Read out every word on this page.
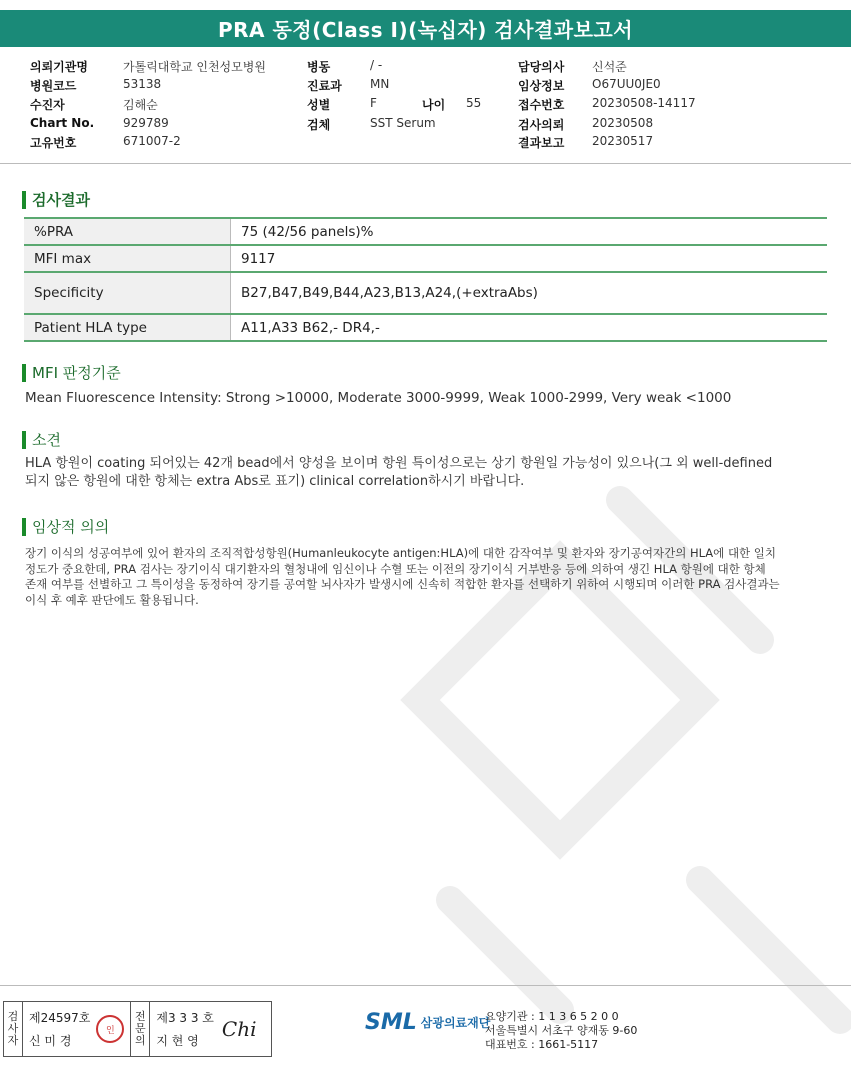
PRA 동정(Class I)(녹십자) 검사결과보고서
의뢰기관명	가톨릭대학교 인천성모병원
병원코드	53138
수진자	김해순
Chart No. 929789
고유번호	671007-2
병동	/ -
진료과 MN
성별	F	나이 55
검체	SST Serum
담당의사 신석준
임상정보 O67UU0JE0
접수번호 20230508-14117
검사의뢰 20230508
결과보고 20230517
검사결과
%PRA	75 (42/56 panels)%
MFI max	9117
Specificity	B27,B47,B49,B44,A23,B13,A24,(+extraAbs)
Patient HLA type	A11,A33 B62,- DR4,-
MFI 판정기준
Mean Fluorescence Intensity: Strong >10000, Moderate 3000-9999, Weak 1000-2999, Very weak <1000
소견
HLA 항원이 coating 되어있는 42개 bead에서 양성을 보이며 항원 특이성으로는 상기 항원일 가능성이 있으나(그 외 well-defined
되지 않은 항원에 대한 항체는 extra Abs로 표기) clinical correlation하시기 바랍니다.
임상적 의의
장기 이식의 성공여부에 있어 환자의 조직적합성항원(Humanleukocyte antigen:HLA)에 대한 감작여부 및 환자와 장기공여자간의 HLA에 대한 일치
정도가 중요한데, PRA 검사는 장기이식 대기환자의 혈청내에 임신이나 수혈 또는 이전의 장기이식 거부반응 등에 의하여 생긴 HLA 항원에 대한 항체
존재 여부를 선별하고 그 특이성을 동정하여 장기를 공여할 뇌사자가 발생시에 신속히 적합한 환자를 선택하기 위하여 시행되며 이러한 PRA 검사결과는
이식 후 예후 판단에도 활용됩니다.
검
사
자
제24597호
신 미 경
인
전
문
의
제3 3 3 호
지 현 영	Chi	SML 삼광의료재단
요양기관 : 1 1 3 6 5 2 0 0
서울특별시 서초구 양재동 9-60
대표번호 : 1661-5117
